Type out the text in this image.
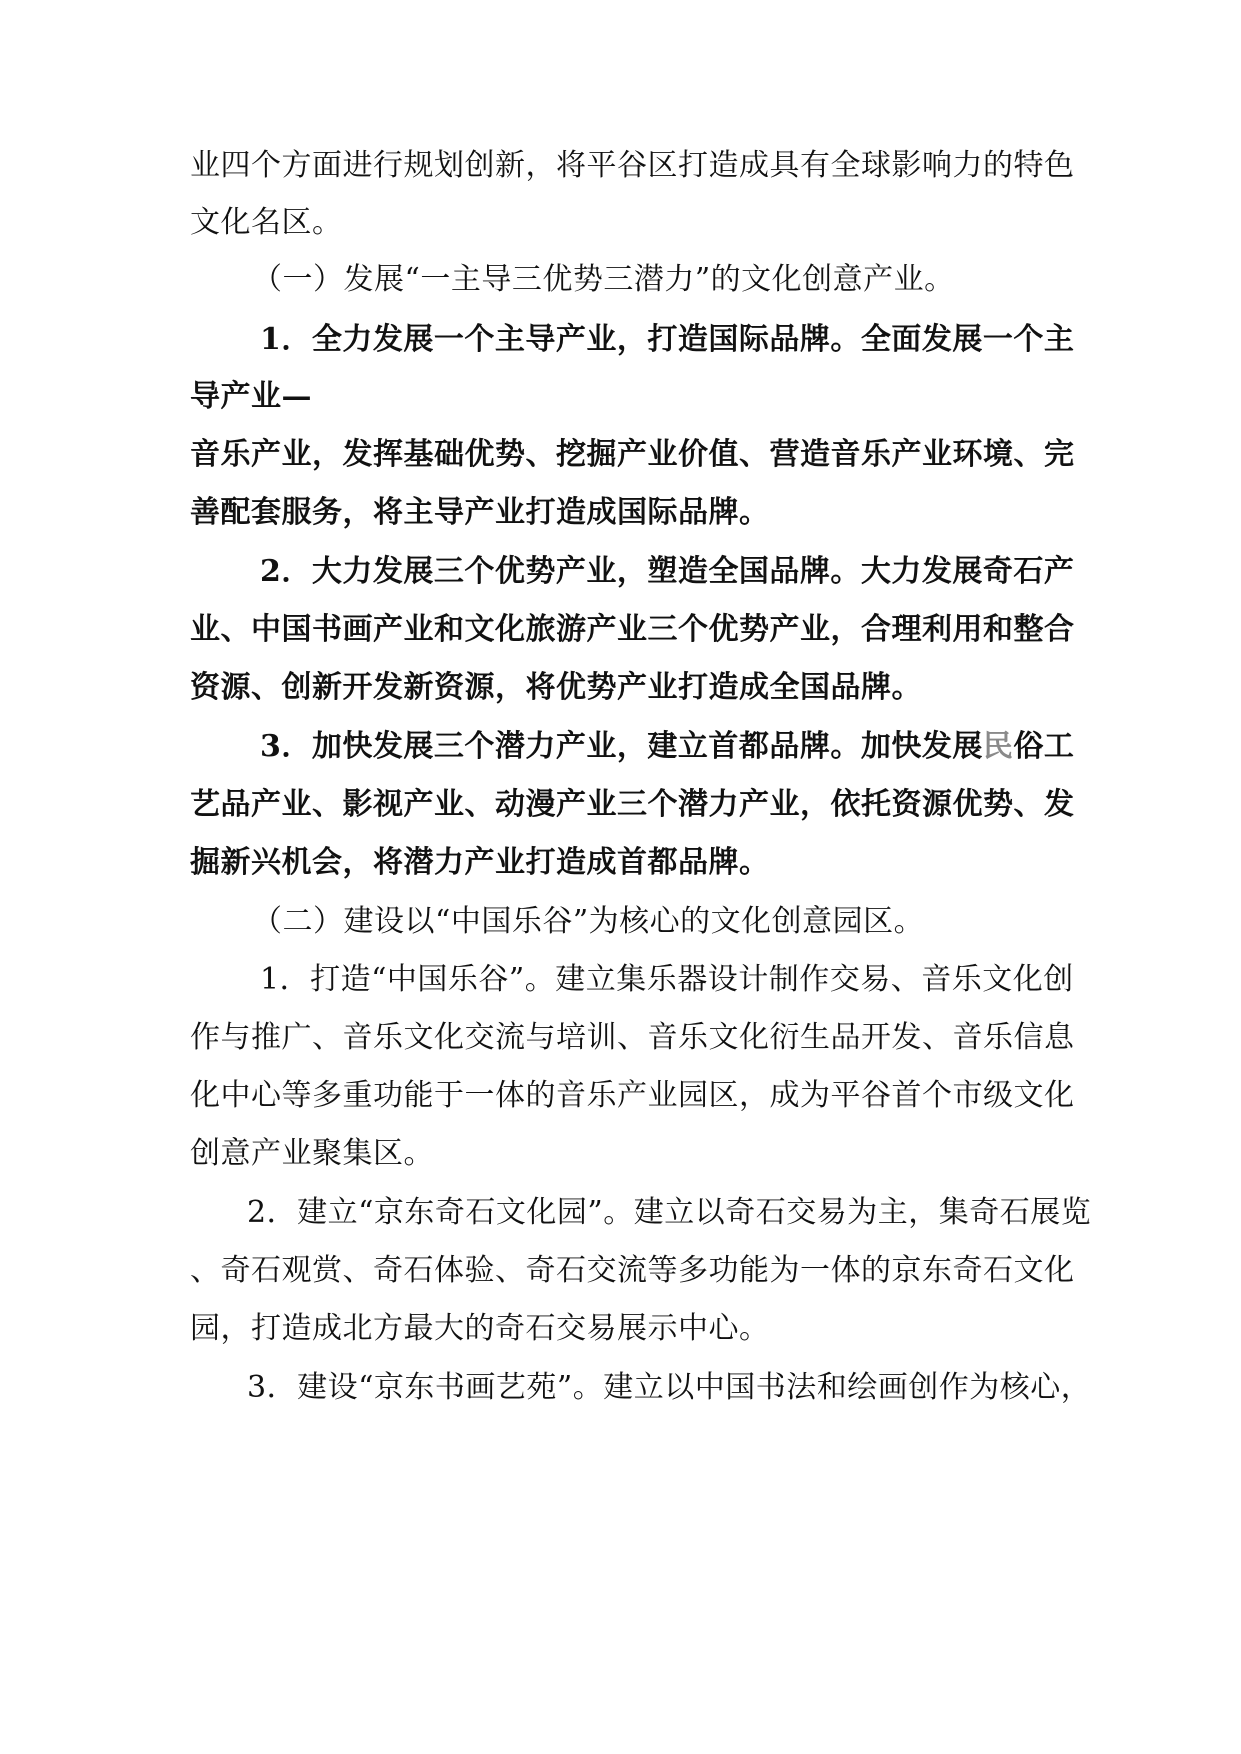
业四个方面进行规划创新，将平谷区打造成具有全球影响力的特色
文化名区。
（一）发展“一主导三优势三潜力”的文化创意产业。
1．全力发展一个主导产业，打造国际品牌。全面发展一个主
导产业—
音乐产业，发挥基础优势、挖掘产业价值、营造音乐产业环境、完
善配套服务，将主导产业打造成国际品牌。
2．大力发展三个优势产业，塑造全国品牌。大力发展奇石产
业、中国书画产业和文化旅游产业三个优势产业，合理利用和整合
资源、创新开发新资源，将优势产业打造成全国品牌。
3．加快发展三个潜力产业，建立首都品牌。加快发展民俗工
艺品产业、影视产业、动漫产业三个潜力产业，依托资源优势、发
掘新兴机会，将潜力产业打造成首都品牌。
（二）建设以“中国乐谷”为核心的文化创意园区。
1．打造“中国乐谷”。建立集乐器设计制作交易、音乐文化创
作与推广、音乐文化交流与培训、音乐文化衍生品开发、音乐信息
化中心等多重功能于一体的音乐产业园区，成为平谷首个市级文化
创意产业聚集区。
2．建立“京东奇石文化园”。建立以奇石交易为主，集奇石展览
、奇石观赏、奇石体验、奇石交流等多功能为一体的京东奇石文化
园，打造成北方最大的奇石交易展示中心。
3．建设“京东书画艺苑”。建立以中国书法和绘画创作为核心，
